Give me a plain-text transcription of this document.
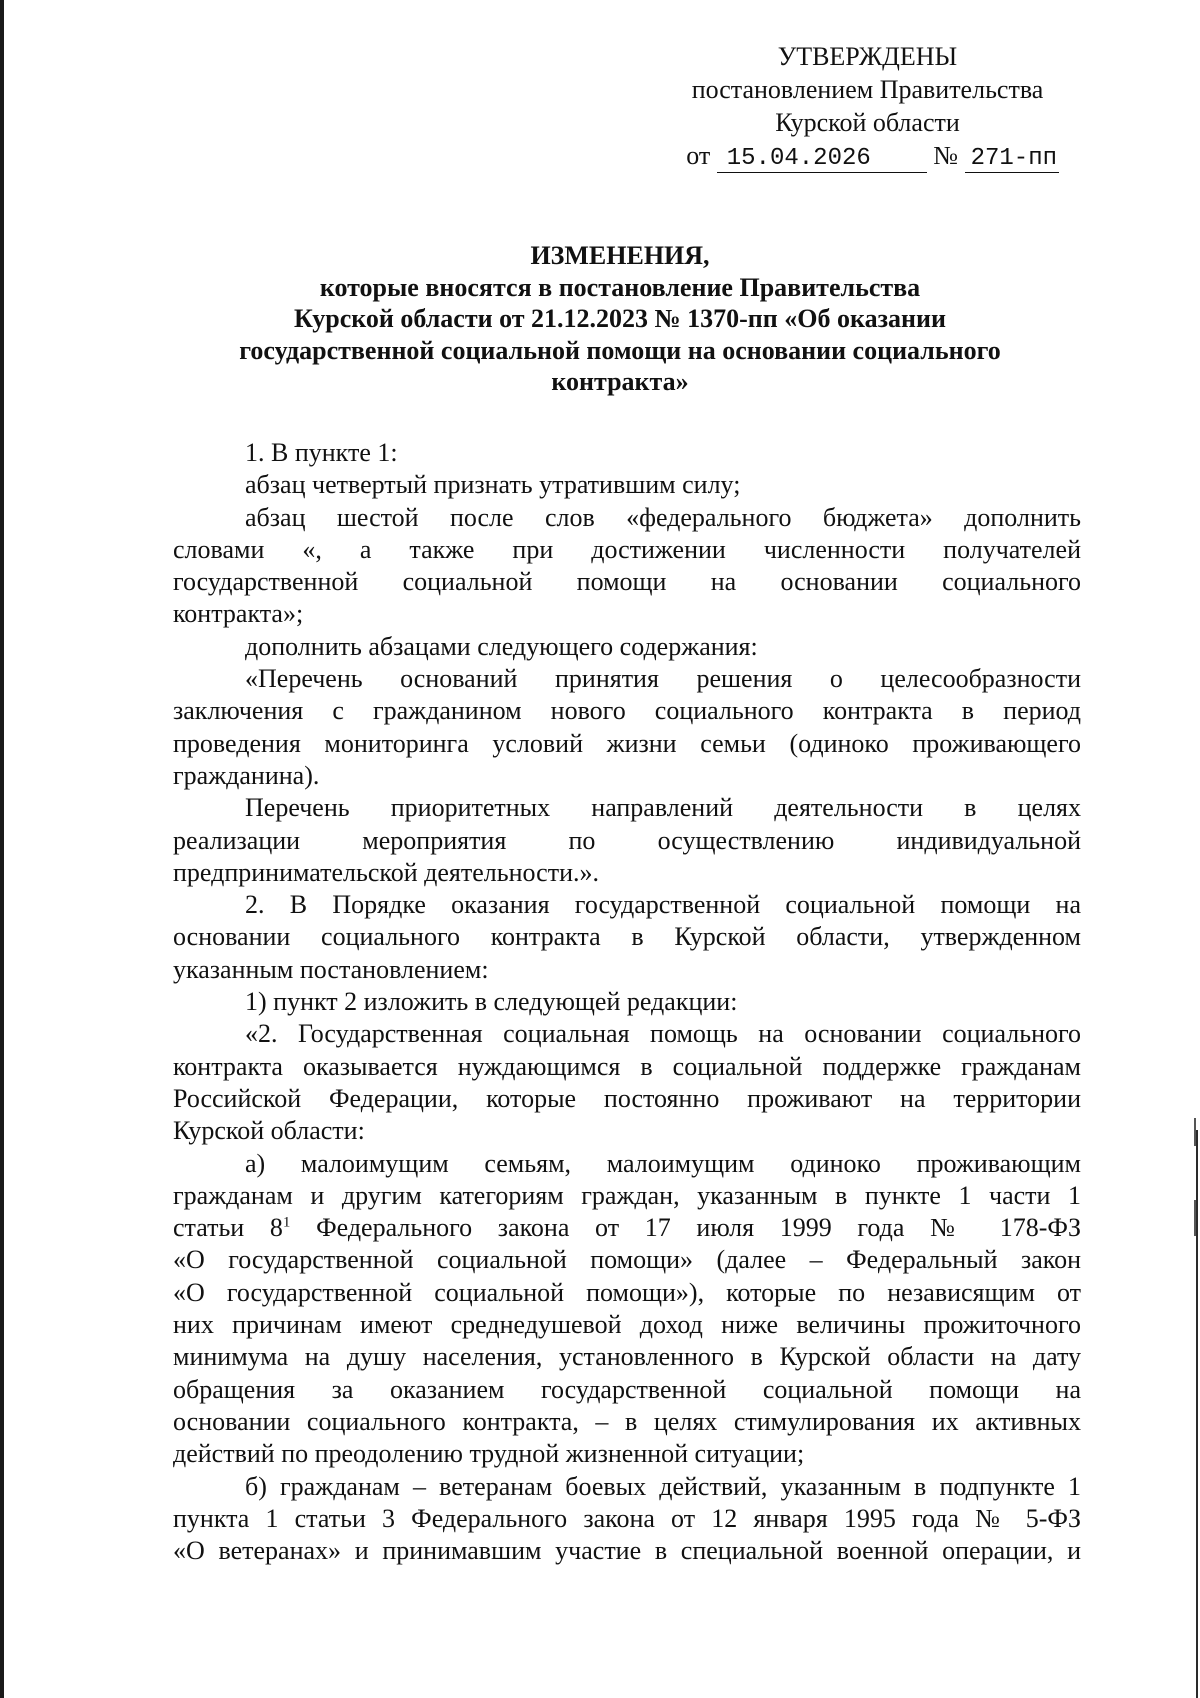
УТВЕРЖДЕНЫ
постановлением Правительства
Курской области
от 15.04.2026 № 271-пп
ИЗМЕНЕНИЯ,
которые вносятся в постановление Правительства
Курской области от 21.12.2023 № 1370-пп «Об оказании
государственной социальной помощи на основании социального
контракта»
1. В пункте 1:
абзац четвертый признать утратившим силу;
абзац шестой после слов «федерального бюджета» дополнить
словами «, а также при достижении численности получателей
государственной социальной помощи на основании социального
контракта»;
дополнить абзацами следующего содержания:
«Перечень оснований принятия решения о целесообразности
заключения с гражданином нового социального контракта в период
проведения мониторинга условий жизни семьи (одиноко проживающего
гражданина).
Перечень приоритетных направлений деятельности в целях
реализации мероприятия по осуществлению индивидуальной
предпринимательской деятельности.».
2. В Порядке оказания государственной социальной помощи на
основании социального контракта в Курской области, утвержденном
указанным постановлением:
1) пункт 2 изложить в следующей редакции:
«2. Государственная социальная помощь на основании социального
контракта оказывается нуждающимся в социальной поддержке гражданам
Российской Федерации, которые постоянно проживают на территории
Курской области:
а) малоимущим семьям, малоимущим одиноко проживающим
гражданам и другим категориям граждан, указанным в пункте 1 части 1
статьи $8^1$ Федерального закона от 17 июля 1999 года № 178-ФЗ
«О государственной социальной помощи» (далее – Федеральный закон
«О государственной социальной помощи»), которые по независящим от
них причинам имеют среднедушевой доход ниже величины прожиточного
минимума на душу населения, установленного в Курской области на дату
обращения за оказанием государственной социальной помощи на
основании социального контракта, – в целях стимулирования их активных
действий по преодолению трудной жизненной ситуации;
б) гражданам – ветеранам боевых действий, указанным в подпункте 1
пункта 1 статьи 3 Федерального закона от 12 января 1995 года № 5-ФЗ
«О ветеранах» и принимавшим участие в специальной военной операции, и
